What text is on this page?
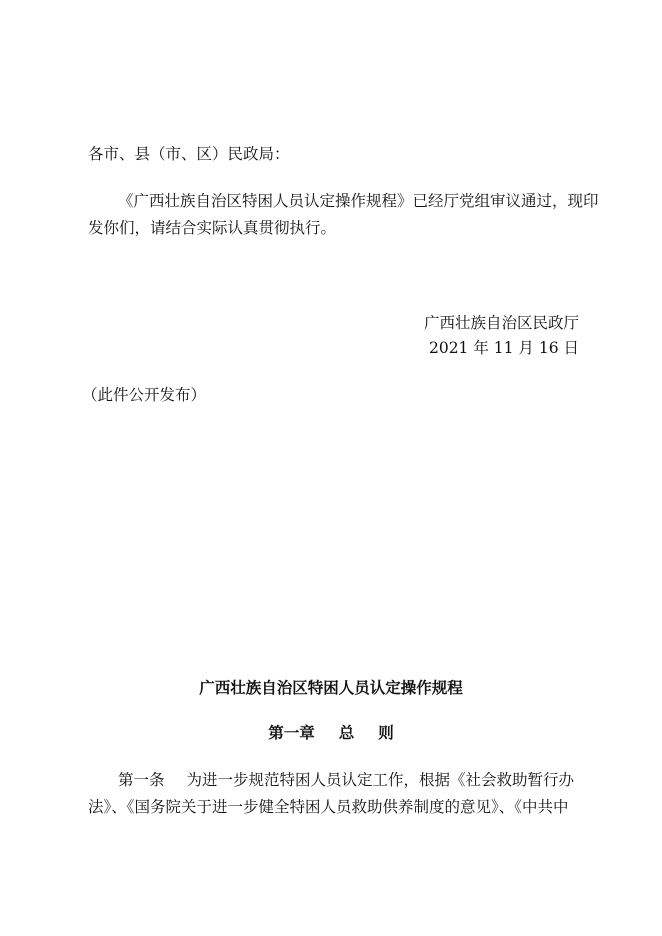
各市、县（市、区）民政局：
《广西壮族自治区特困人员认定操作规程》已经厅党组审议通过，现印
发你们，请结合实际认真贯彻执行。
广西壮族自治区民政厅
2021 年 11 月 16 日
（此件公开发布）
广西壮族自治区特困人员认定操作规程
第一章 总 则
第一条 为进一步规范特困人员认定工作，根据《社会救助暂行办
法》、《国务院关于进一步健全特困人员救助供养制度的意见》、《中共中
